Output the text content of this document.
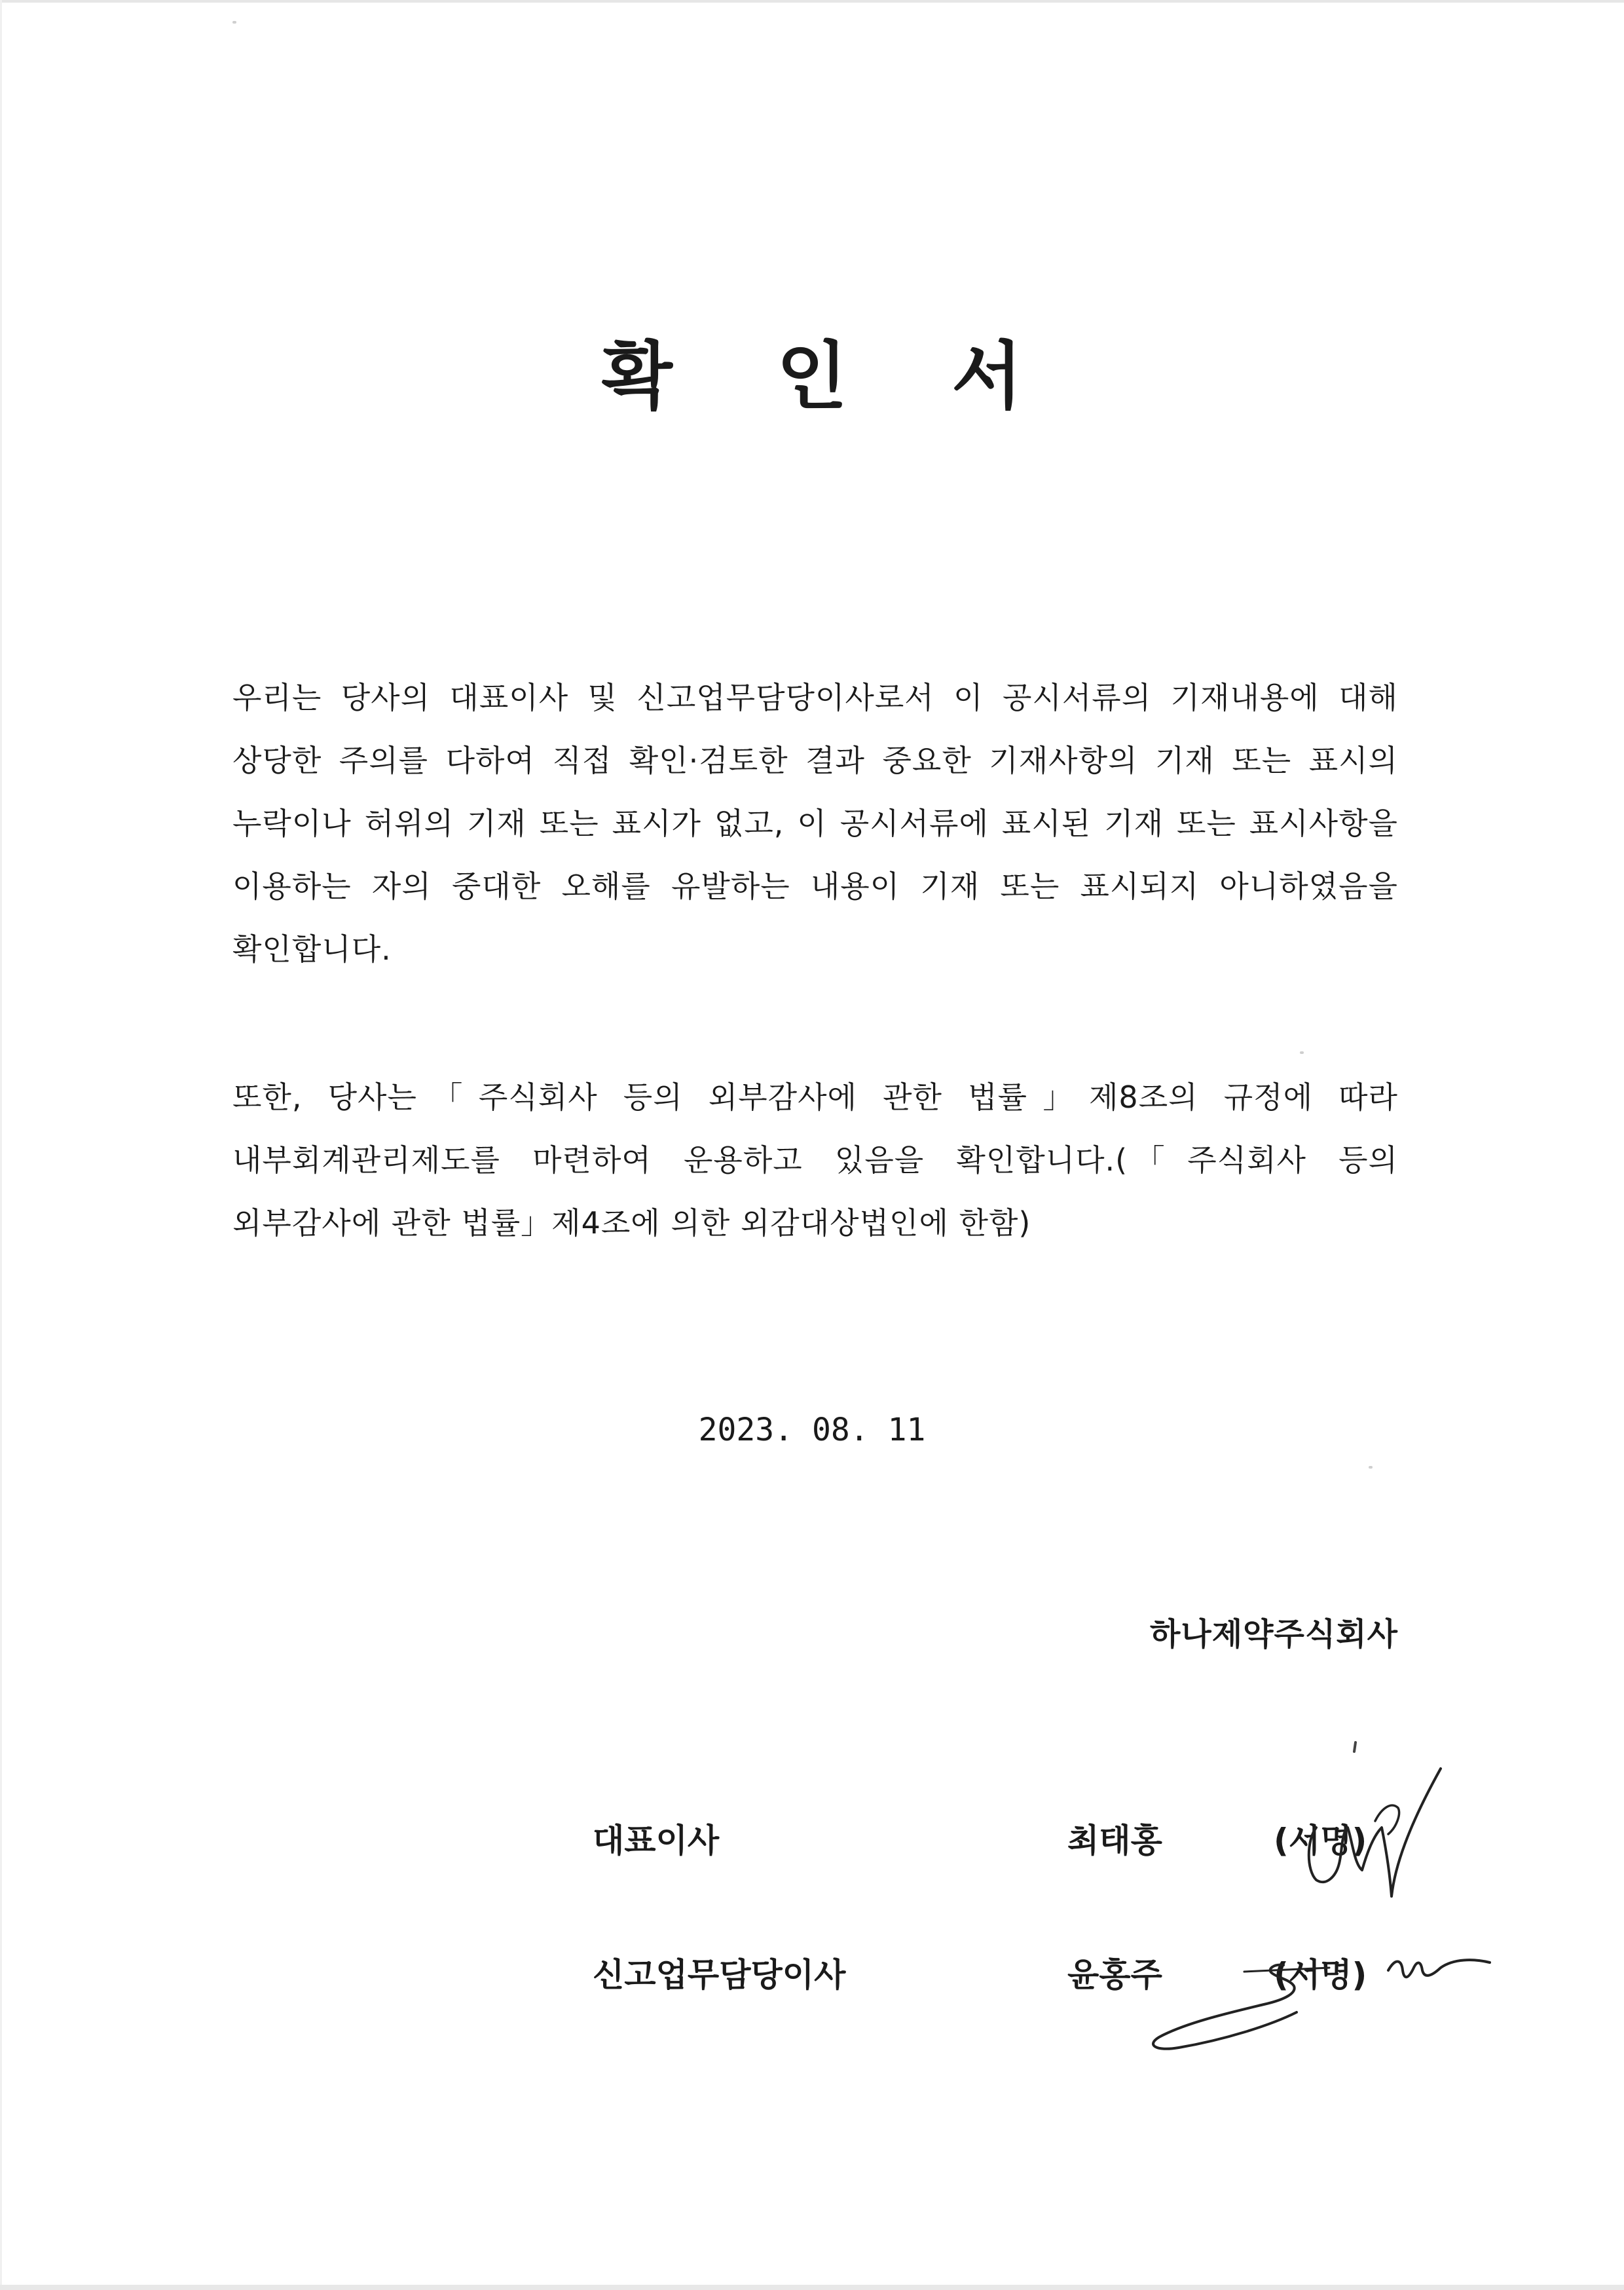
확 인 서
우리는 당사의 대표이사 및 신고업무담당이사로서 이 공시서류의 기재내용에 대해 상당한 주의를 다하여 직접 확인·검토한 결과 중요한 기재사항의 기재 또는 표시의 누락이나 허위의 기재 또는 표시가 없고, 이 공시서류에 표시된 기재 또는 표시사항을 이용하는 자의 중대한 오해를 유발하는 내용이 기재 또는 표시되지 아니하였음을 확인합니다.
또한, 당사는「주식회사 등의 외부감사에 관한 법률」제8조의 규정에 따라 내부회계관리제도를 마련하여 운용하고 있음을 확인합니다.(「주식회사 등의 외부감사에 관한 법률」제4조에 의한 외감대상법인에 한함)
2023. 08. 11
하나제약주식회사
대표이사	최태홍	(서명)
신고업무담당이사	윤홍주	(서명)
